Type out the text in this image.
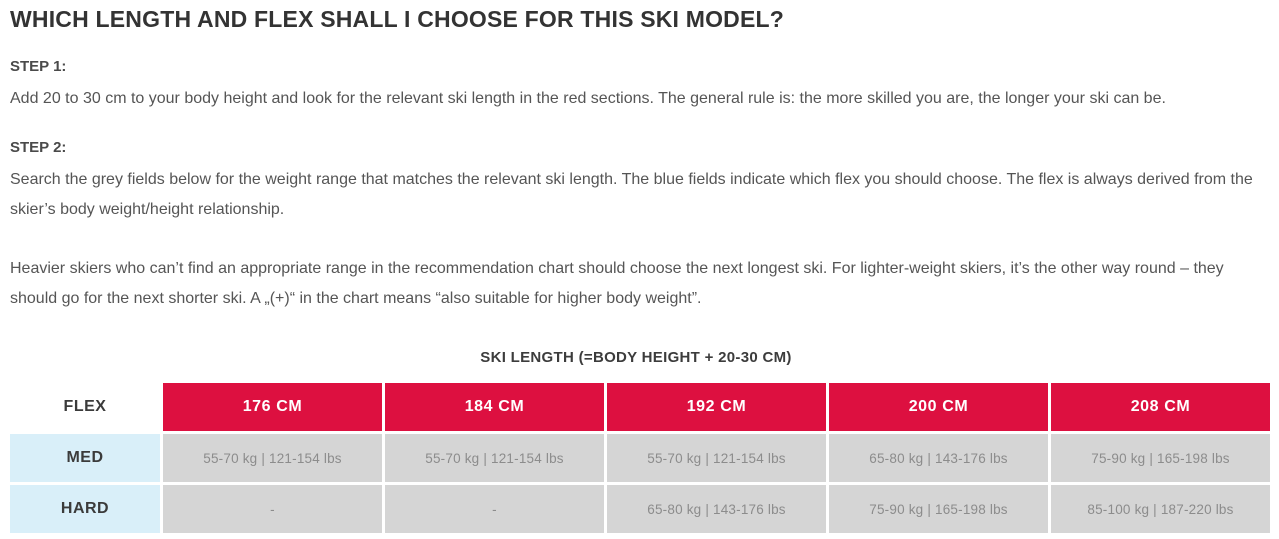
WHICH LENGTH AND FLEX SHALL I CHOOSE FOR THIS SKI MODEL?
STEP 1:
Add 20 to 30 cm to your body height and look for the relevant ski length in the red sections. The general rule is: the more skilled you are, the longer your ski can be.
STEP 2:
Search the grey fields below for the weight range that matches the relevant ski length. The blue fields indicate which flex you should choose. The flex is always derived from the skier’s body weight/height relationship.
Heavier skiers who can’t find an appropriate range in the recommendation chart should choose the next longest ski. For lighter-weight skiers, it’s the other way round – they should go for the next shorter ski. A „(+)“ in the chart means “also suitable for higher body weight”.
SKI LENGTH (=BODY HEIGHT + 20-30 CM)
FLEX	176 CM	184 CM	192 CM	200 CM	208 CM
MED	55-70 kg | 121-154 lbs	55-70 kg | 121-154 lbs	55-70 kg | 121-154 lbs	65-80 kg | 143-176 lbs	75-90 kg | 165-198 lbs
HARD	-	-	65-80 kg | 143-176 lbs	75-90 kg | 165-198 lbs	85-100 kg | 187-220 lbs
